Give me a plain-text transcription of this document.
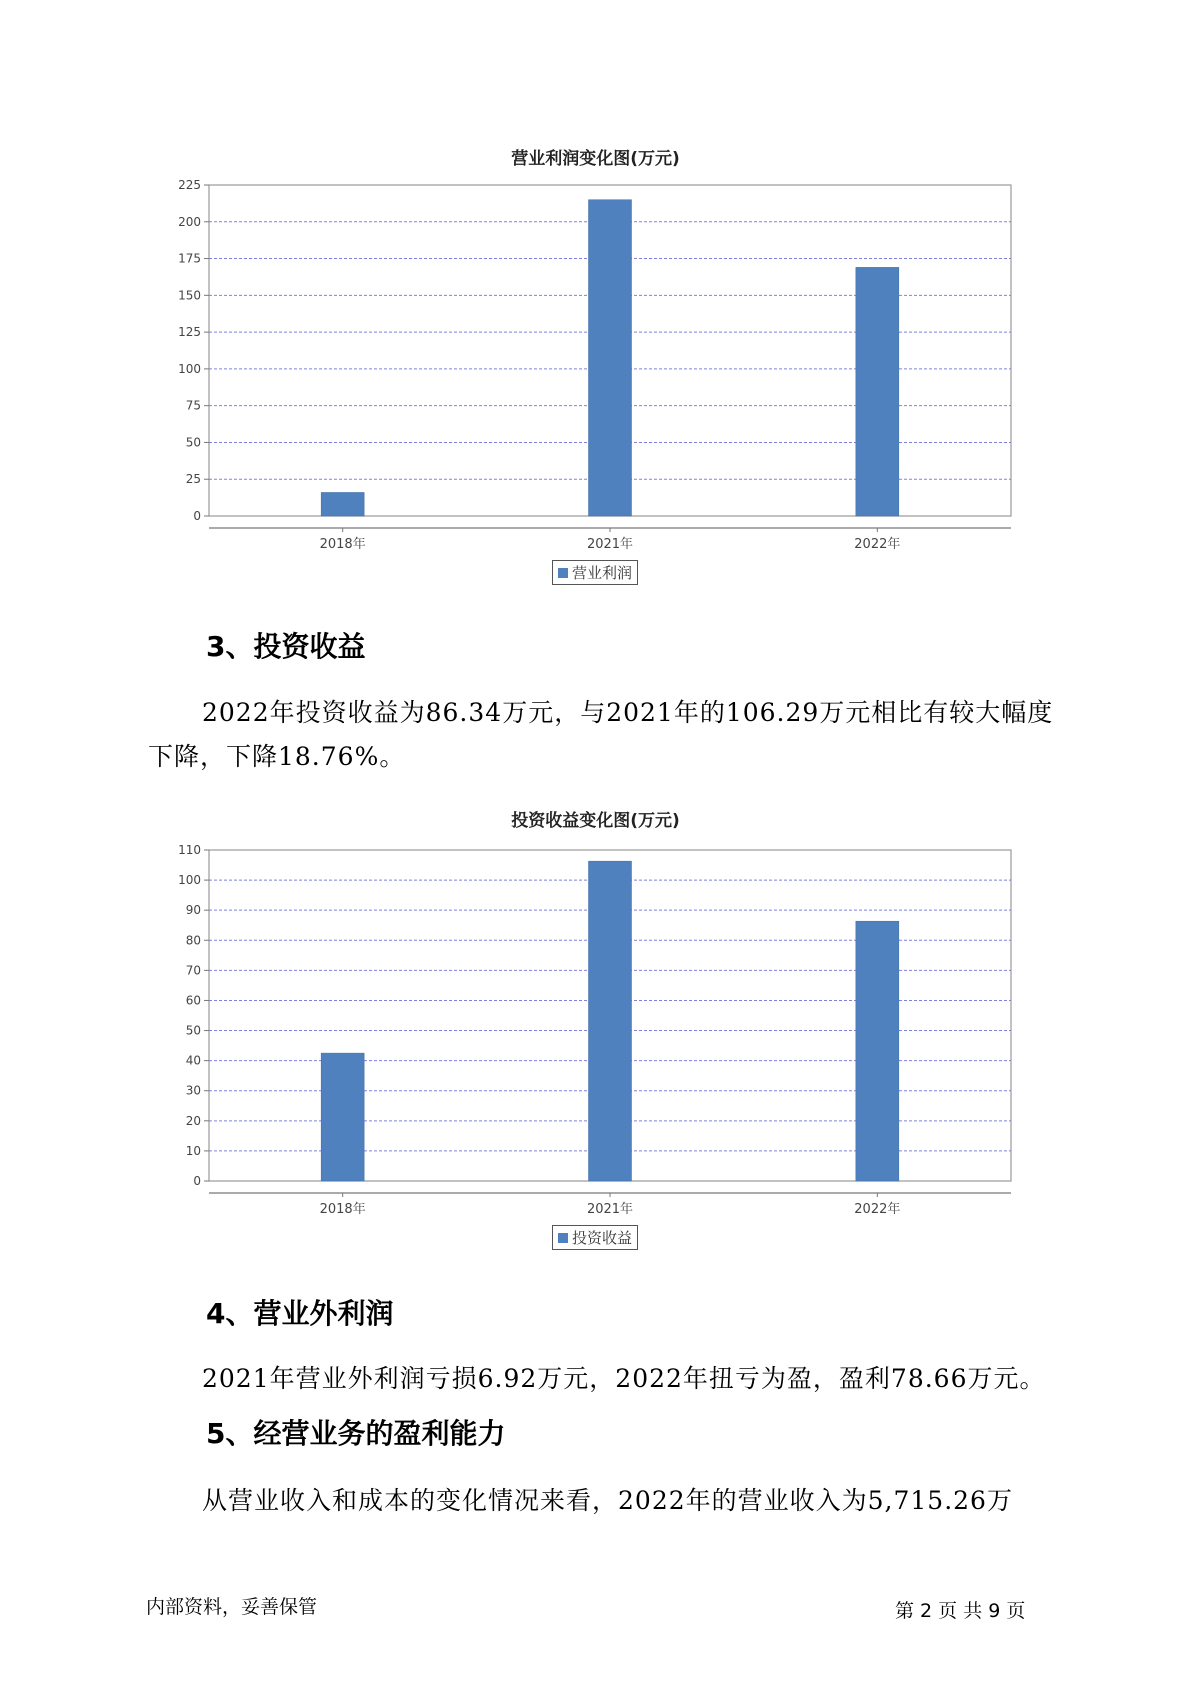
营业利润变化图(万元)
0
25
50
75
100
125
150
175
200
225
2018年	2021年	2022年
营业利润
3、投资收益
2022年投资收益为86.34万元，与2021年的106.29万元相比有较大幅度
下降，下降18.76%。
投资收益变化图(万元)
0
10
20
30
40
50
60
70
80
90
100
110
2018年	2021年	2022年
投资收益
4、营业外利润
2021年营业外利润亏损6.92万元，2022年扭亏为盈，盈利78.66万元。
5、经营业务的盈利能力
从营业收入和成本的变化情况来看，2022年的营业收入为5,715.26万
内部资料，妥善保管	第 2 页 共 9 页
